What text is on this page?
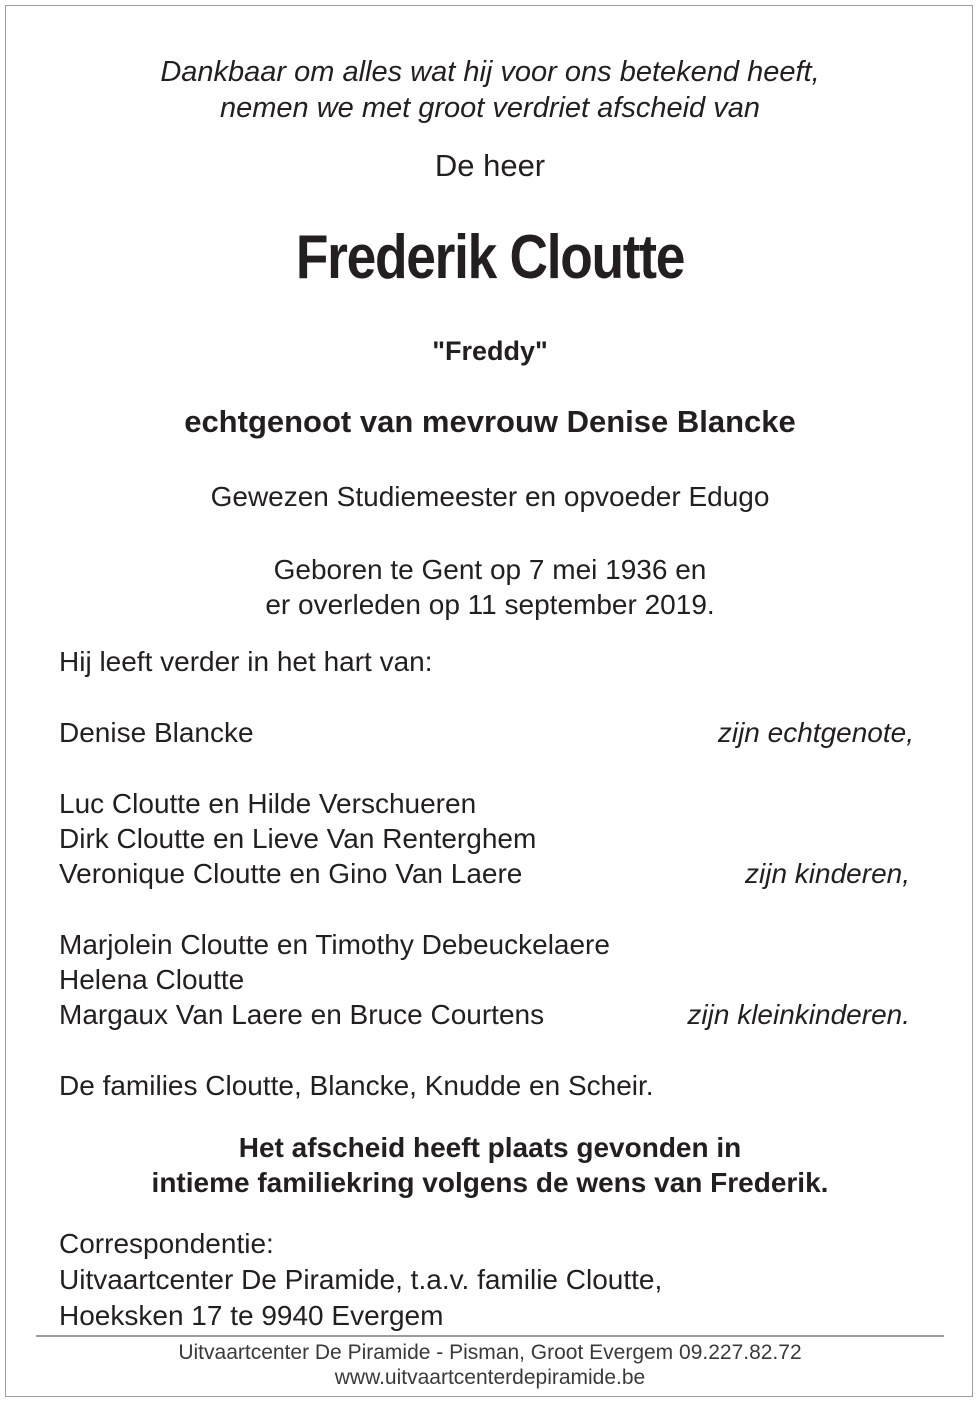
Dankbaar om alles wat hij voor ons betekend heeft,
nemen we met groot verdriet afscheid van
De heer
Frederik Cloutte
"Freddy"
echtgenoot van mevrouw Denise Blancke
Gewezen Studiemeester en opvoeder Edugo
Geboren te Gent op 7 mei 1936 en
er overleden op 11 september 2019.
Hij leeft verder in het hart van:
Denise Blancke	zijn echtgenote,
Luc Cloutte en Hilde Verschueren
Dirk Cloutte en Lieve Van Renterghem
Veronique Cloutte en Gino Van Laere	zijn kinderen,
Marjolein Cloutte en Timothy Debeuckelaere
Helena Cloutte
Margaux Van Laere en Bruce Courtens	zijn kleinkinderen.
De families Cloutte, Blancke, Knudde en Scheir.
Het afscheid heeft plaats gevonden in
intieme familiekring volgens de wens van Frederik.
Correspondentie:
Uitvaartcenter De Piramide, t.a.v. familie Cloutte,
Hoeksken 17 te 9940 Evergem
Uitvaartcenter De Piramide - Pisman, Groot Evergem 09.227.82.72
www.uitvaartcenterdepiramide.be
